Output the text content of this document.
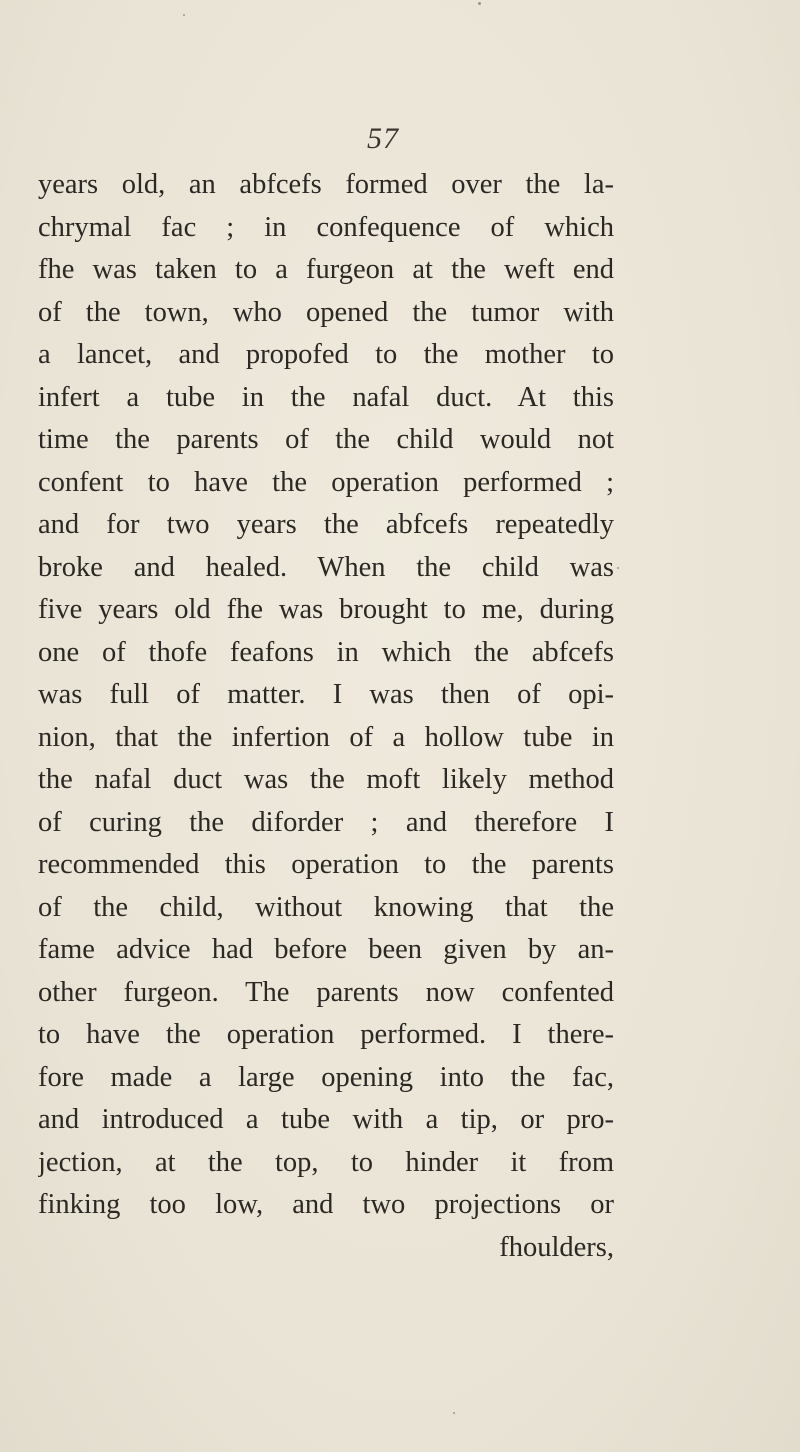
57
years old, an abfcefs formed over the la-
chrymal fac ; in confequence of which
fhe was taken to a furgeon at the weft end
of the town, who opened the tumor with
a lancet, and propofed to the mother to
infert a tube in the nafal duct. At this
time the parents of the child would not
confent to have the operation performed ;
and for two years the abfcefs repeatedly
broke and healed. When the child was
five years old fhe was brought to me, during
one of thofe feafons in which the abfcefs
was full of matter. I was then of opi-
nion, that the infertion of a hollow tube in
the nafal duct was the moft likely method
of curing the diforder ; and therefore I
recommended this operation to the parents
of the child, without knowing that the
fame advice had before been given by an-
other furgeon. The parents now confented
to have the operation performed. I there-
fore made a large opening into the fac,
and introduced a tube with a tip, or pro-
jection, at the top, to hinder it from
finking too low, and two projections or
fhoulders,
